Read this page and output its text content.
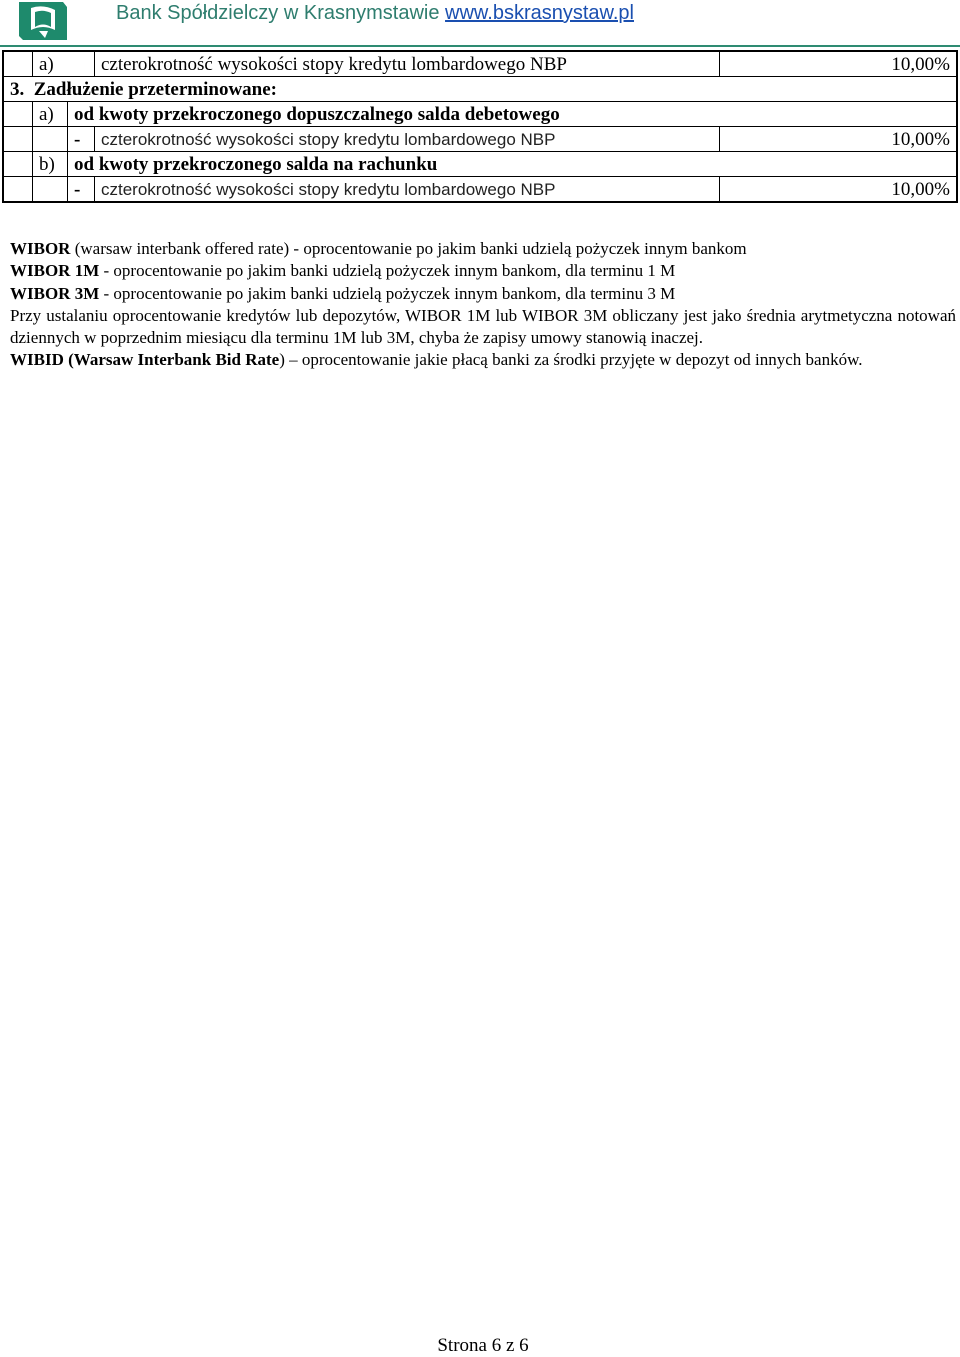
Bank Spółdzielczy w Krasnymstawie www.bskrasnystaw.pl
	a)		czterokrotność wysokości stopy kredytu lombardowego NBP	10,00%
3. Zadłużenie przeterminowane:				
	a)	od kwoty przekroczonego dopuszczalnego salda debetowego		
		-	czterokrotność wysokości stopy kredytu lombardowego NBP	10,00%
	b)	od kwoty przekroczonego salda na rachunku		
		-	czterokrotność wysokości stopy kredytu lombardowego NBP	10,00%

WIBOR (warsaw interbank offered rate) - oprocentowanie po jakim banki udzielą pożyczek innym bankom

WIBOR 1M - oprocentowanie po jakim banki udzielą pożyczek innym bankom, dla terminu 1 M

WIBOR 3M - oprocentowanie po jakim banki udzielą pożyczek innym bankom, dla terminu 3 M

Przy ustalaniu oprocentowanie kredytów lub depozytów, WIBOR 1M lub WIBOR 3M obliczany jest jako średnia arytmetyczna notowań dziennych w poprzednim miesiącu dla terminu 1M lub 3M, chyba że zapisy umowy stanowią inaczej.

WIBID (Warsaw Interbank Bid Rate) – oprocentowanie jakie płacą banki za środki przyjęte w depozyt od innych banków.

Strona 6 z 6
